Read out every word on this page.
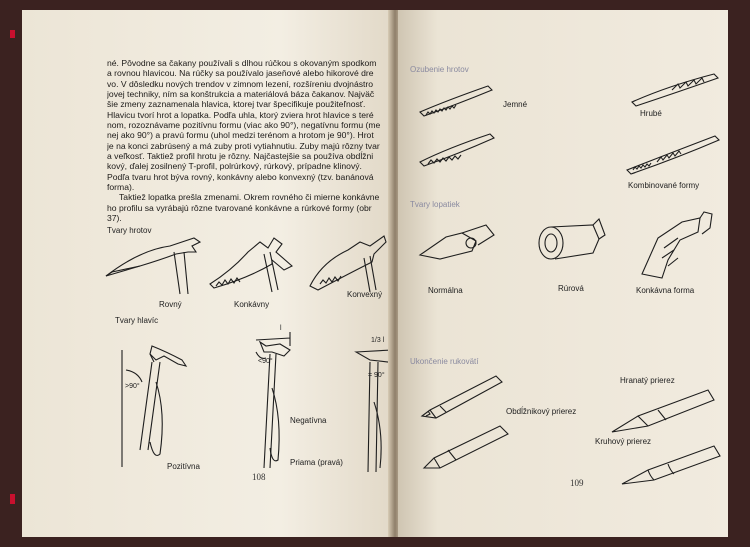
né. Pôvodne sa čakany používali s dlhou rúčkou s okovaným spodkom
a rovnou hlavicou. Na rúčky sa používalo jaseňové alebo hikorové dre
vo. V dôsledku nových trendov v zimnom lezení, rozšíreniu dvojnástro
jovej techniky, ním sa konštrukcia a materiálová báza čakanov. Najväč
šie zmeny zaznamenala hlavica, ktorej tvar špecifikuje použiteľnosť.
Hlavicu tvorí hrot a lopatka. Podľa uhla, ktorý zviera hrot hlavice s teré
nom, rozoznávame pozitívnu formu (viac ako 90°), negatívnu formu (me
nej ako 90°) a pravú formu (uhol medzi terénom a hrotom je 90°). Hrot
je na konci zabrúsený a má zuby proti vytiahnutiu. Zuby majú rôzny tvar
a veľkosť. Taktiež profil hrotu je rôzny. Najčastejšie sa používa obdĺžni
kový, ďalej zosilnený T-profil, polrúrkový, rúrkový, prípadne klinový.
Podľa tvaru hrot býva rovný, konkávny alebo konvexný (tzv. banánová
forma).
Taktiež lopatka prešla zmenami. Okrem rovného či mierne konkávne
ho profilu sa vyrábajú rôzne tvarované konkávne a rúrkové formy (obr
37).
Tvary hrotov
Rovný	Konkávny
Konvexný
Tvary hlavíc
>90°
Pozitívna
l
<90°
Negatívna
1/3 l
= 90°
Priama (pravá)
108
Ozubenie hrotov
Jemné
Hrubé
Kombinované formy
Tvary lopatiek
Normálna	Rúrová	Konkávna forma
Ukončenie rukovätí
Obdĺžnikový prierez
Hranatý prierez
Kruhový prierez
109
